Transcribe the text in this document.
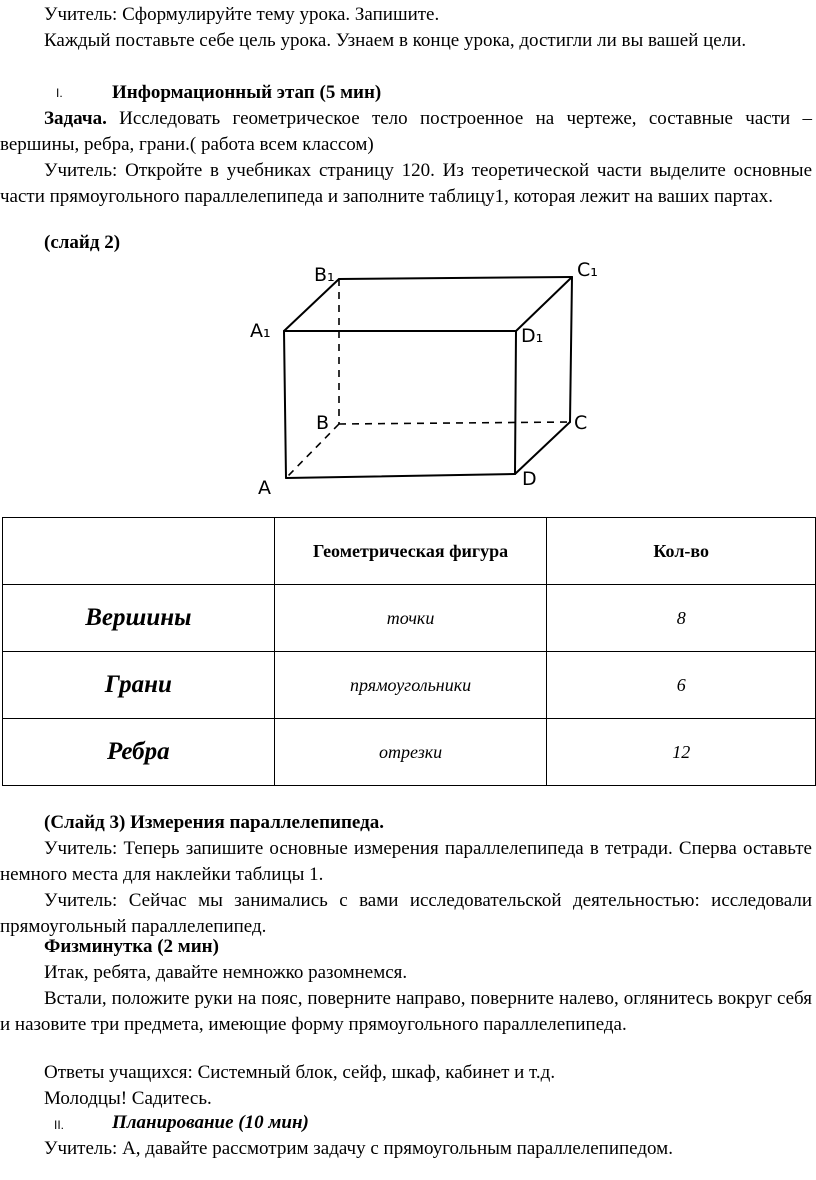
Учитель: Сформулируйте тему урока. Запишите.
Каждый поставьте себе цель урока. Узнаем в конце урока, достигли ли вы вашей цели.
I.	Информационный этап (5 мин)
Задача. Исследовать геометрическое тело построенное на чертеже, составные части – вершины, ребра, грани.( работа всем классом)
Учитель: Откройте в учебниках страницу 120. Из теоретической части выделите основные части прямоугольного параллелепипеда и заполните таблицу1, которая лежит на ваших партах.
(слайд 2)
B₁	C₁
A₁	D₁
B	C
A	D
	Геометрическая фигура	Кол-во
Вершины	точки	8
Грани	прямоугольники	6
Ребра	отрезки	12
(Слайд 3) Измерения параллелепипеда.
Учитель: Теперь запишите основные измерения параллелепипеда в тетради. Сперва оставьте немного места для наклейки таблицы 1.
Учитель: Сейчас мы занимались с вами исследовательской деятельностью: исследовали прямоугольный параллелепипед.
Физминутка (2 мин)
Итак, ребята, давайте немножко разомнемся.
Встали, положите руки на пояс, поверните направо, поверните налево, оглянитесь вокруг себя и назовите три предмета, имеющие форму прямоугольного параллелепипеда.
Ответы учащихся: Системный блок, сейф, шкаф, кабинет и т.д.
Молодцы! Садитесь.
II.	Планирование (10 мин)
Учитель: А, давайте рассмотрим задачу с прямоугольным параллелепипедом.
